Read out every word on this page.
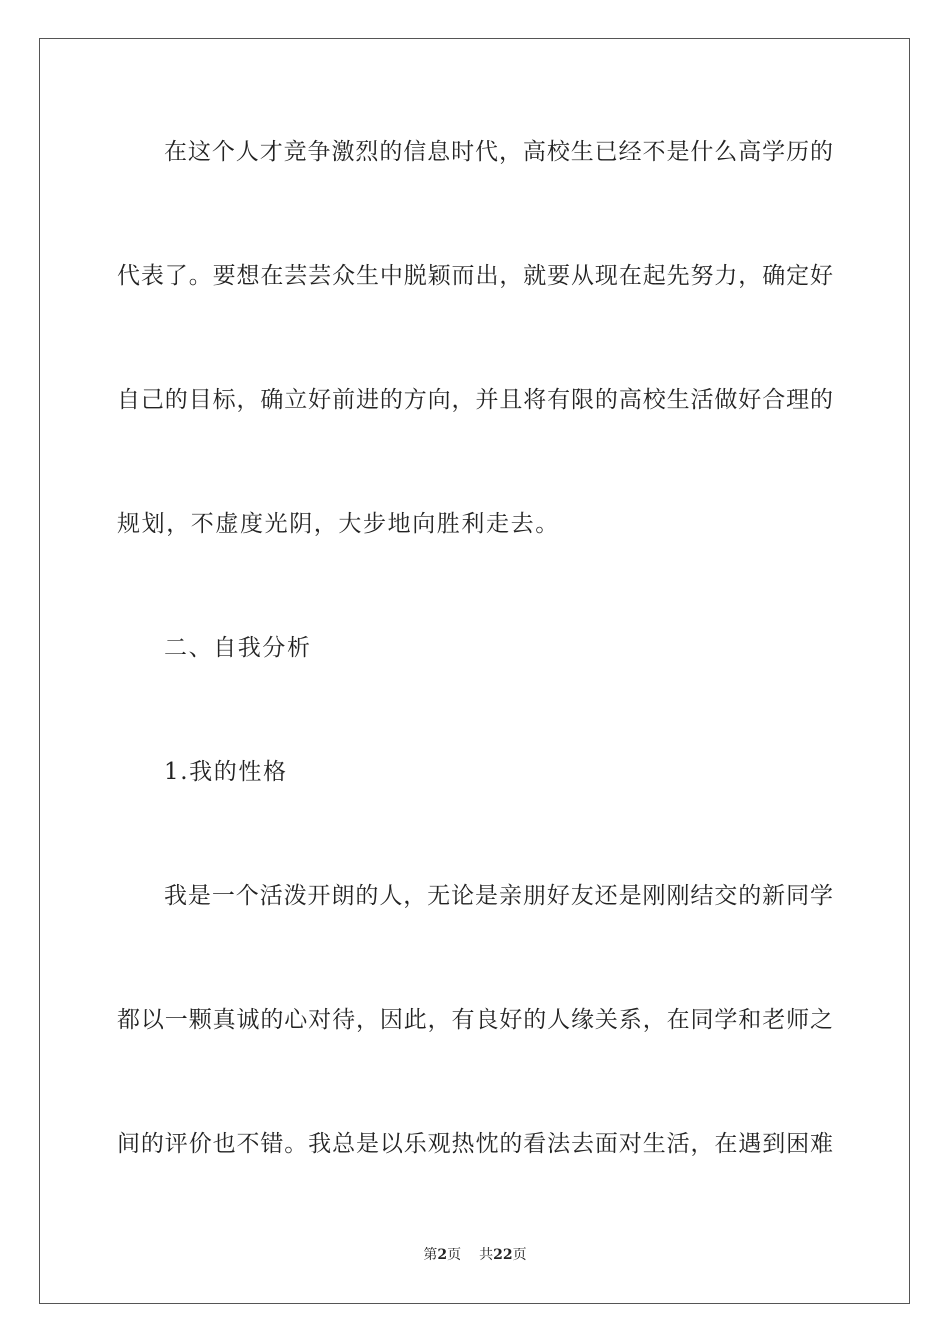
在这个人才竞争激烈的信息时代，高校生已经不是什么高学历的
代表了。要想在芸芸众生中脱颖而出，就要从现在起先努力，确定好
自己的目标，确立好前进的方向，并且将有限的高校生活做好合理的
规划，不虚度光阴，大步地向胜利走去。
二、自我分析
1.我的性格
我是一个活泼开朗的人，无论是亲朋好友还是刚刚结交的新同学
都以一颗真诚的心对待，因此，有良好的人缘关系，在同学和老师之
间的评价也不错。我总是以乐观热忱的看法去面对生活，在遇到困难
第2页 共22页
